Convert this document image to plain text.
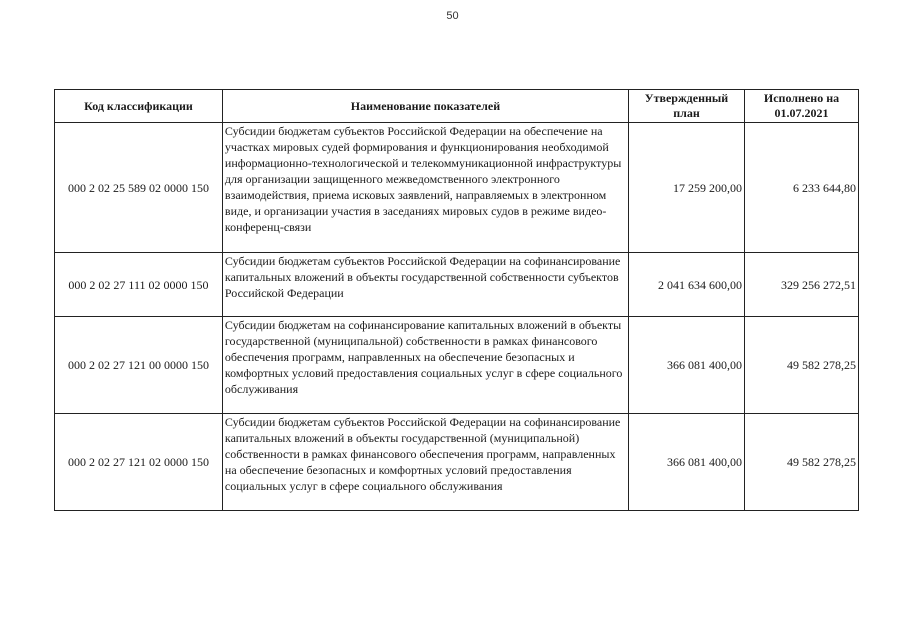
50
Код классификации	Наименование показателей	Утвержденный план	Исполнено на 01.07.2021
000 2 02 25 589 02 0000 150	Субсидии бюджетам субъектов Российской Федерации на обеспечение на участках мировых судей формирования и функционирования необходимой информационно-технологической и телекоммуникационной инфраструктуры для организации защищенного межведомственного электронного взаимодействия, приема исковых заявлений, направляемых в электронном виде, и организации участия в заседаниях мировых судов в режиме видео-конференц-связи	17 259 200,00	6 233 644,80
000 2 02 27 111 02 0000 150	Субсидии бюджетам субъектов Российской Федерации на софинансирование капитальных вложений в объекты государственной собственности субъектов Российской Федерации	2 041 634 600,00	329 256 272,51
000 2 02 27 121 00 0000 150	Субсидии бюджетам на софинансирование капитальных вложений в объекты государственной (муниципальной) собственности в рамках финансового обеспечения программ, направленных на обеспечение безопасных и комфортных условий предоставления социальных услуг в сфере социального обслуживания	366 081 400,00	49 582 278,25
000 2 02 27 121 02 0000 150	Субсидии бюджетам субъектов Российской Федерации на софинансирование капитальных вложений в объекты государственной (муниципальной) собственности в рамках финансового обеспечения программ, направленных на обеспечение безопасных и комфортных условий предоставления социальных услуг в сфере социального обслуживания	366 081 400,00	49 582 278,25
